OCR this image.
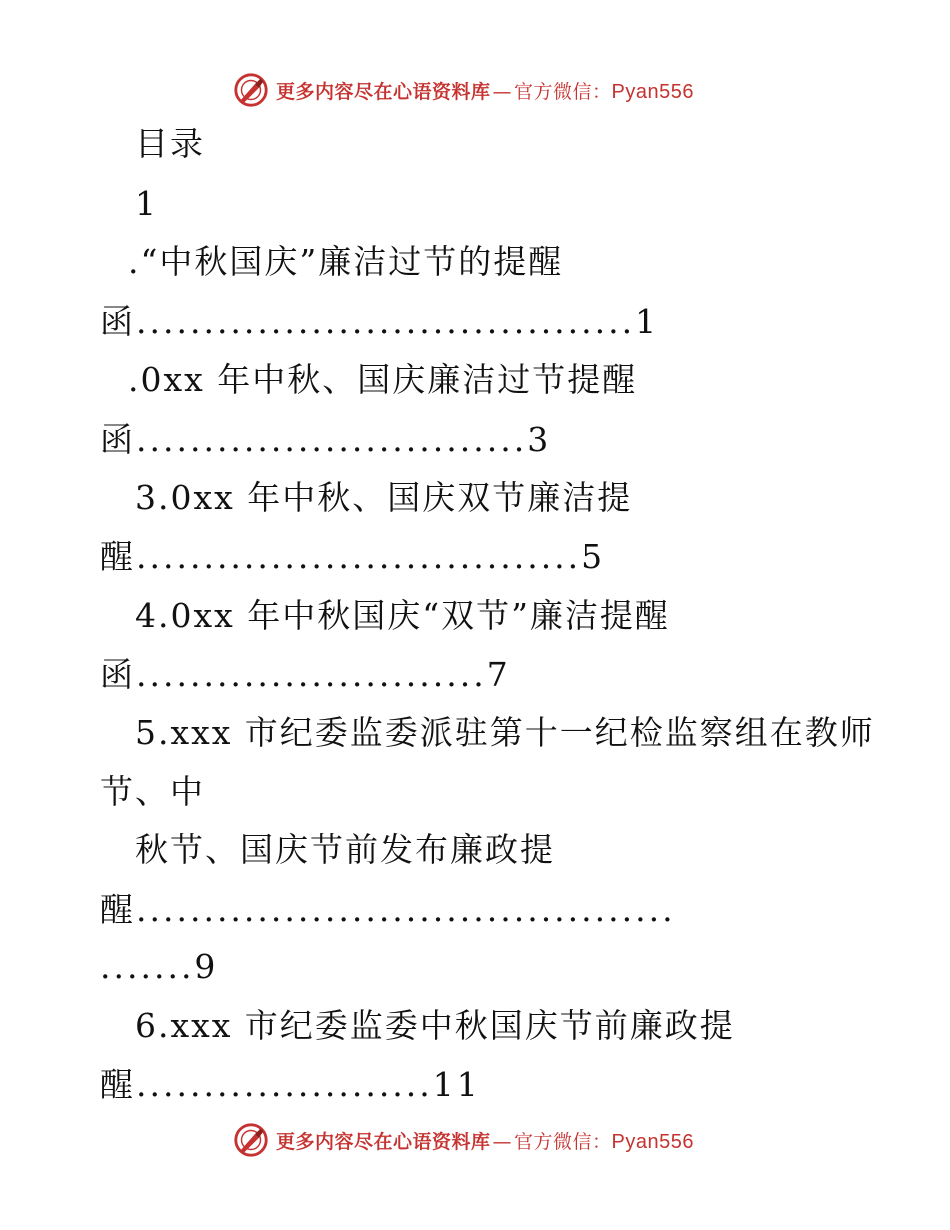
更多内容尽在心语资料库 — 官方微信：Pyan556
目录
1
.“中秋国庆”廉洁过节的提醒
函.....................................1
.0xx 年中秋、国庆廉洁过节提醒
函.............................3
3.0xx 年中秋、国庆双节廉洁提
醒.................................5
4.0xx 年中秋国庆“双节”廉洁提醒
函..........................7
5.xxx 市纪委监委派驻第十一纪检监察组在教师
节、中
秋节、国庆节前发布廉政提
醒........................................
.......9
6.xxx 市纪委监委中秋国庆节前廉政提
醒......................11
更多内容尽在心语资料库 — 官方微信：Pyan556
